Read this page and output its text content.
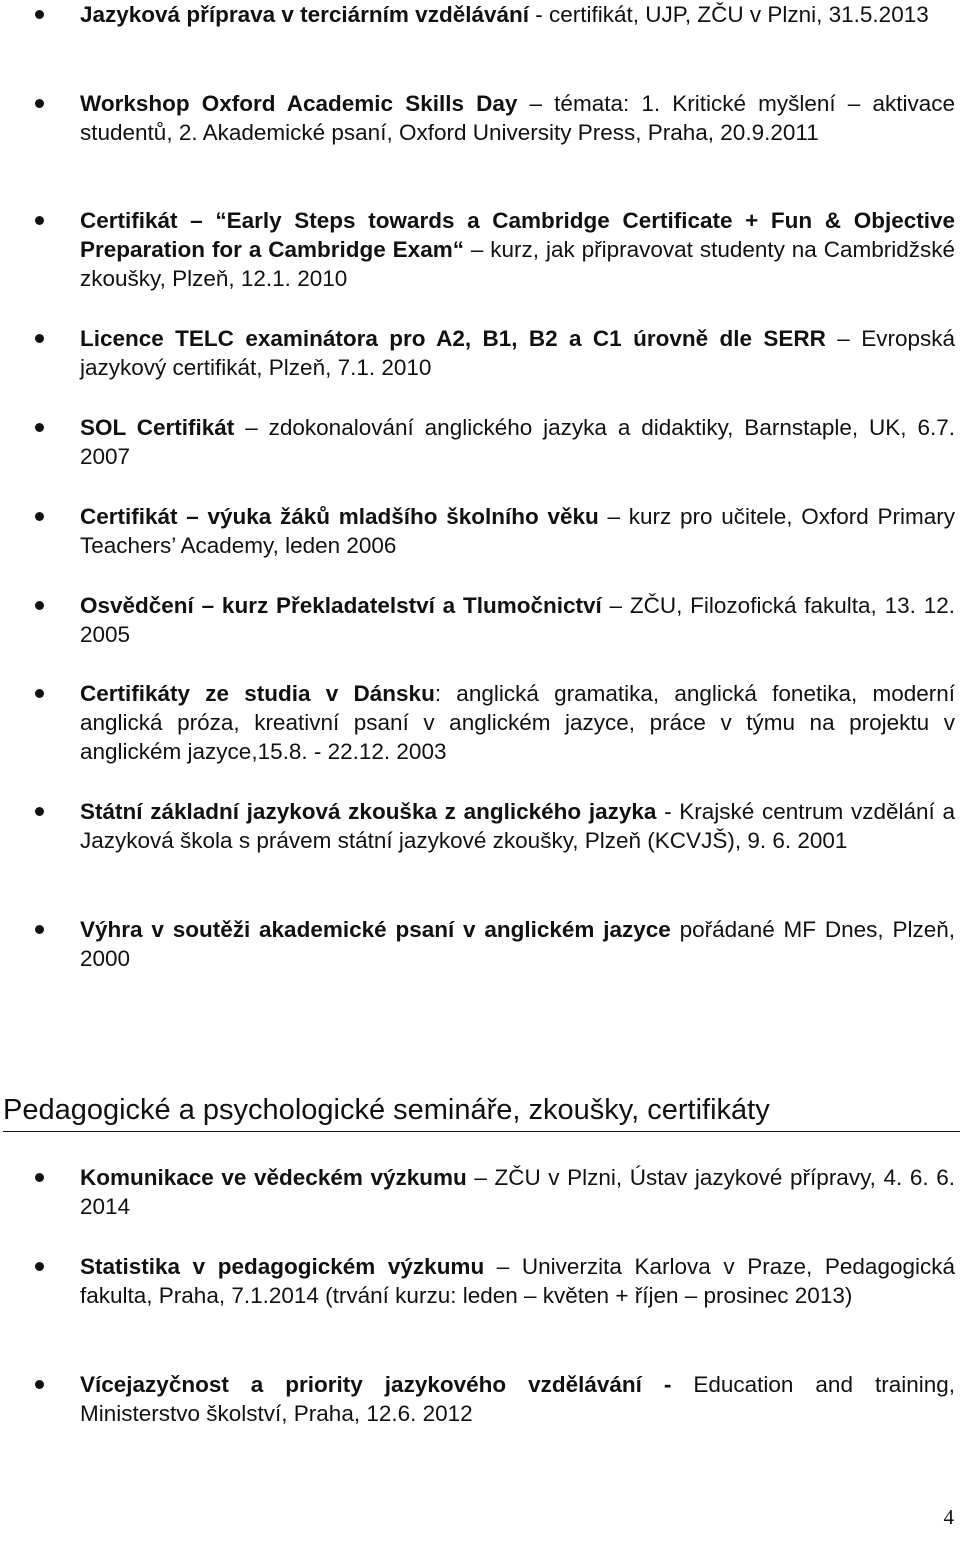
Jazyková příprava v terciárním vzdělávání - certifikát, UJP, ZČU v Plzni, 31.5.2013
Workshop Oxford Academic Skills Day – témata: 1. Kritické myšlení – aktivace studentů, 2. Akademické psaní, Oxford University Press, Praha, 20.9.2011
Certifikát – “Early Steps towards a Cambridge Certificate + Fun & Objective Preparation for a Cambridge Exam“ – kurz, jak připravovat studenty na Cambridžské zkoušky, Plzeň, 12.1. 2010
Licence TELC examinátora pro A2, B1, B2 a C1 úrovně dle SERR – Evropská jazykový certifikát, Plzeň, 7.1. 2010
SOL Certifikát – zdokonalování anglického jazyka a didaktiky, Barnstaple, UK, 6.7. 2007
Certifikát – výuka žáků mladšího školního věku – kurz pro učitele, Oxford Primary Teachers’ Academy, leden 2006
Osvědčení – kurz Překladatelství a Tlumočnictví – ZČU, Filozofická fakulta, 13. 12. 2005
Certifikáty ze studia v Dánsku: anglická gramatika, anglická fonetika, moderní anglická próza, kreativní psaní v anglickém jazyce, práce v týmu na projektu v anglickém jazyce,15.8. - 22.12. 2003
Státní základní jazyková zkouška z anglického jazyka - Krajské centrum vzdělání a Jazyková škola s právem státní jazykové zkoušky, Plzeň (KCVJŠ), 9. 6. 2001
Výhra v soutěži akademické psaní v anglickém jazyce pořádané MF Dnes, Plzeň, 2000
Pedagogické a psychologické semináře, zkoušky, certifikáty
Komunikace ve vědeckém výzkumu – ZČU v Plzni, Ústav jazykové přípravy, 4. 6. 6. 2014
Statistika v pedagogickém výzkumu – Univerzita Karlova v Praze, Pedagogická fakulta, Praha, 7.1.2014 (trvání kurzu: leden – květen + říjen – prosinec 2013)
Vícejazyčnost a priority jazykového vzdělávání - Education and training, Ministerstvo školství, Praha, 12.6. 2012
4
